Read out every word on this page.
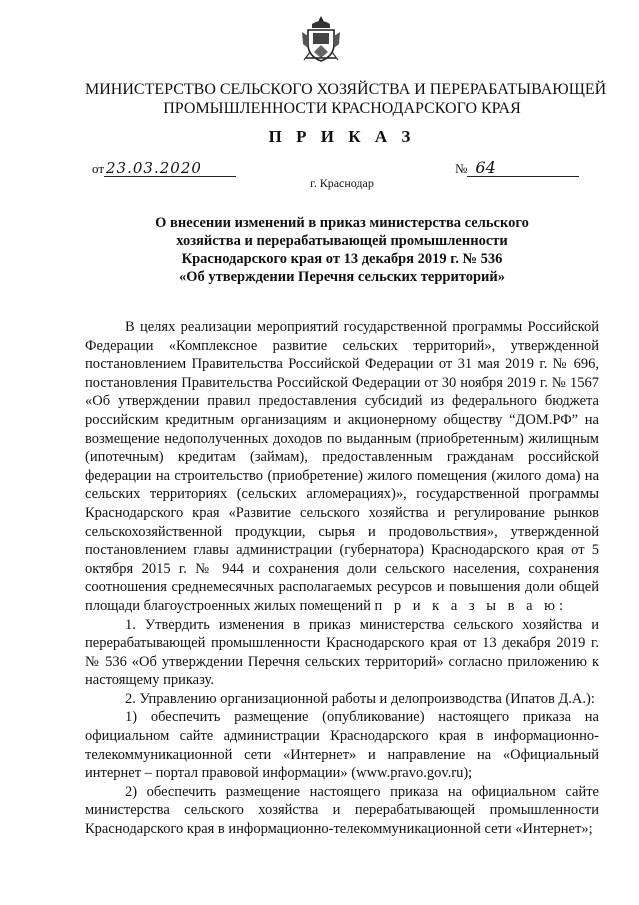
МИНИСТЕРСТВО СЕЛЬСКОГО ХОЗЯЙСТВА И ПЕРЕРАБАТЫВАЮЩЕЙ
ПРОМЫШЛЕННОСТИ КРАСНОДАРСКОГО КРАЯ
П Р И К А З
от 23.03.2020	№ 64
г. Краснодар
О внесении изменений в приказ министерства сельского
хозяйства и перерабатывающей промышленности
Краснодарского края от 13 декабря 2019 г. № 536
«Об утверждении Перечня сельских территорий»

В целях реализации мероприятий государственной программы Российской Федерации «Комплексное развитие сельских территорий», утвержденной постановлением Правительства Российской Федерации от 31 мая 2019 г. № 696, постановления Правительства Российской Федерации от 30 ноября 2019 г. № 1567 «Об утверждении правил предоставления субсидий из федерального бюджета российским кредитным организациям и акционерному обществу “ДОМ.РФ” на возмещение недополученных доходов по выданным (приобретенным) жилищным (ипотечным) кредитам (займам), предоставленным гражданам российской федерации на строительство (приобретение) жилого помещения (жилого дома) на сельских территориях (сельских агломерациях)», государственной программы Краснодарского края «Развитие сельского хозяйства и регулирование рынков сельскохозяйственной продукции, сырья и продовольствия», утвержденной постановлением главы администрации (губернатора) Краснодарского края от 5 октября 2015 г. № 944 и сохранения доли сельского населения, сохранения соотношения среднемесячных располагаемых ресурсов и повышения доли общей площади благоустроенных жилых помещений п р и к а з ы в а ю:

1. Утвердить изменения в приказ министерства сельского хозяйства и перерабатывающей промышленности Краснодарского края от 13 декабря 2019 г. № 536 «Об утверждении Перечня сельских территорий» согласно приложению к настоящему приказу.

2. Управлению организационной работы и делопроизводства (Ипатов Д.А.):

1) обеспечить размещение (опубликование) настоящего приказа на официальном сайте администрации Краснодарского края в информационно-телекоммуникационной сети «Интернет» и направление на «Официальный интернет – портал правовой информации» (www.pravo.gov.ru);

2) обеспечить размещение настоящего приказа на официальном сайте министерства сельского хозяйства и перерабатывающей промышленности Краснодарского края в информационно-телекоммуникационной сети «Интернет»;
